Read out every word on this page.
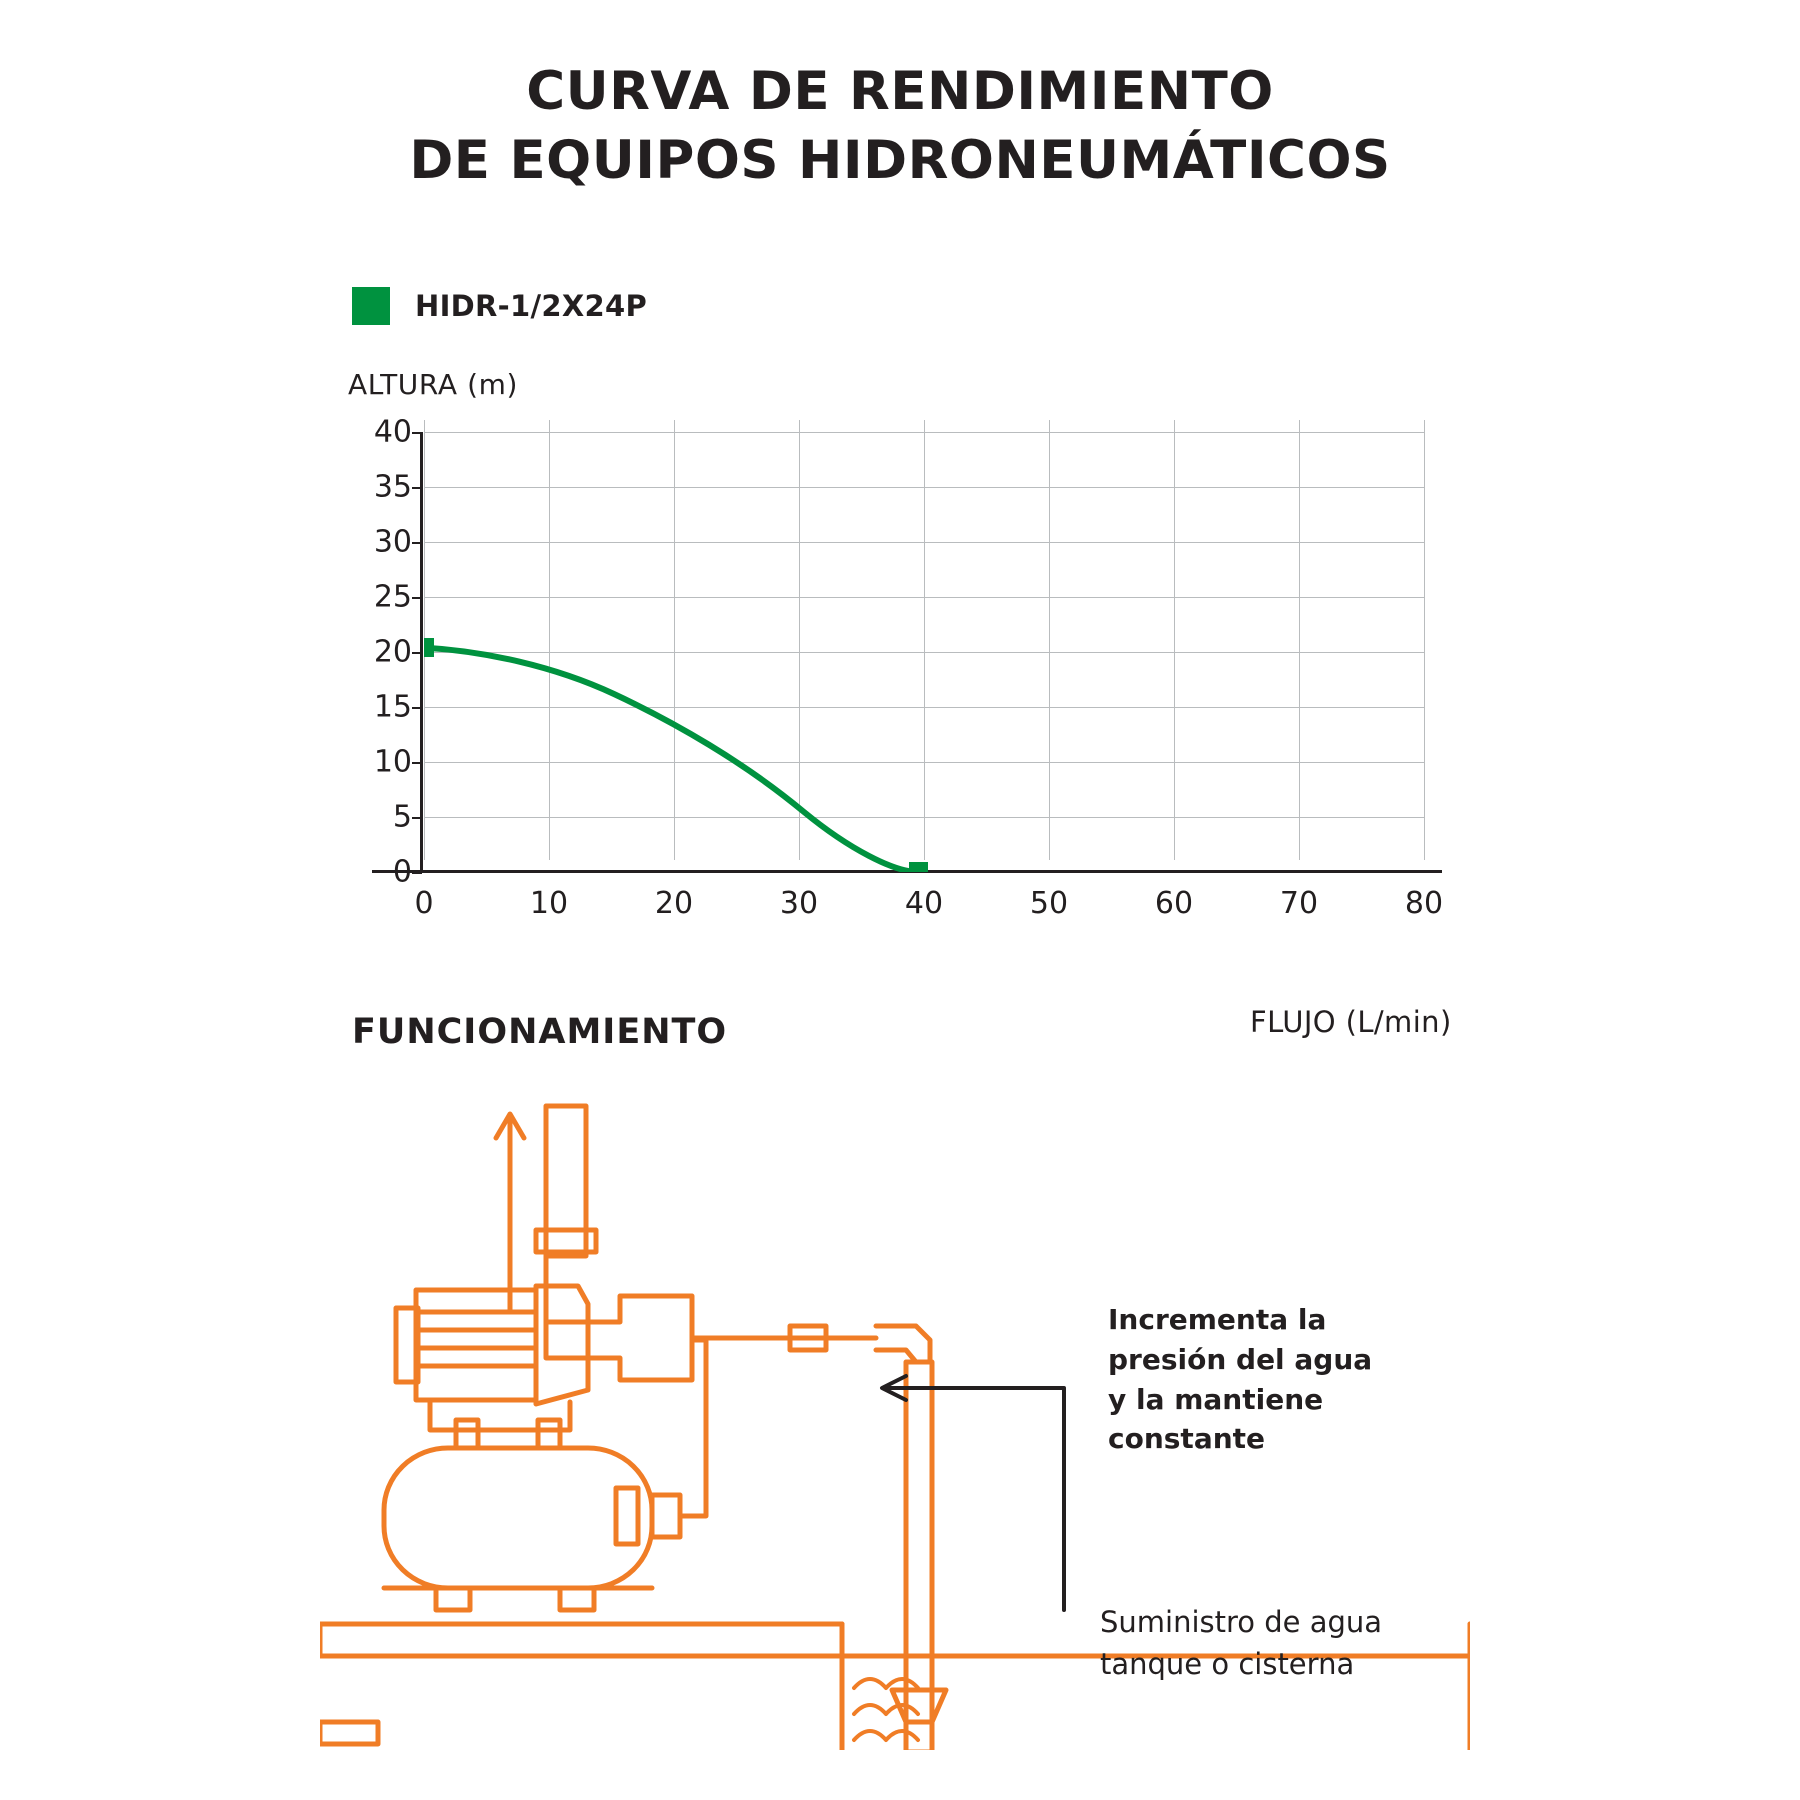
CURVA DE RENDIMIENTO
DE EQUIPOS HIDRONEUMÁTICOS
HIDR-1/2X24P
ALTURA (m)
40
35
30
25
20
15
10
5
0
0	10	20	30	40	50	60	70	80
FLUJO (L/min)
FUNCIONAMIENTO
Incrementa la
presión del agua
y la mantiene
constante
Suministro de agua
tanque o cisterna
